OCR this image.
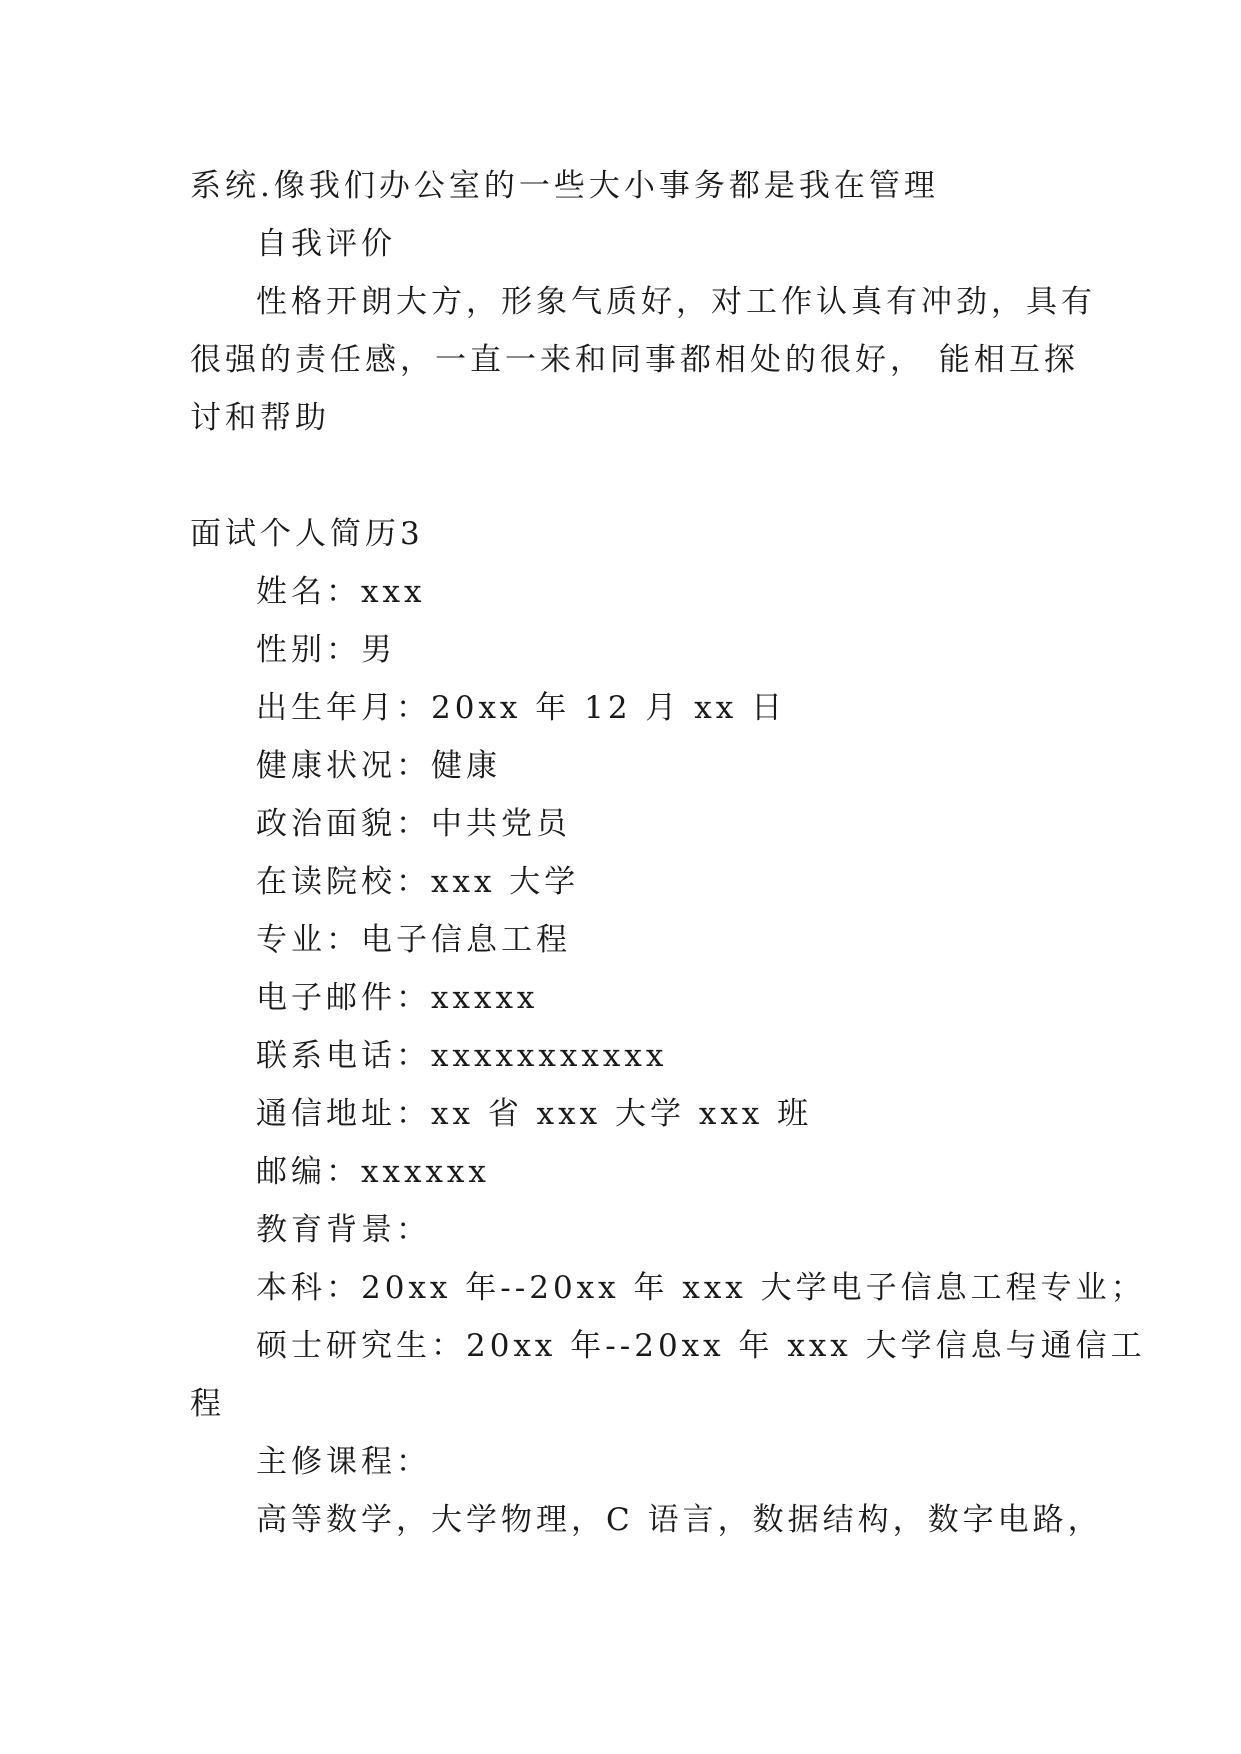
系统.像我们办公室的一些大小事务都是我在管理
自我评价
性格开朗大方，形象气质好，对工作认真有冲劲，具有
很强的责任感，一直一来和同事都相处的很好， 能相互探
讨和帮助
面试个人简历3
姓名：xxx
性别：男
出生年月：20xx 年 12 月 xx 日
健康状况：健康
政治面貌：中共党员
在读院校：xxx 大学
专业：电子信息工程
电子邮件：xxxxx
联系电话：xxxxxxxxxxx
通信地址：xx 省 xxx 大学 xxx 班
邮编：xxxxxx
教育背景：
本科：20xx 年--20xx 年 xxx 大学电子信息工程专业；
硕士研究生：20xx 年--20xx 年 xxx 大学信息与通信工
程
主修课程：
高等数学，大学物理，C 语言，数据结构，数字电路，
